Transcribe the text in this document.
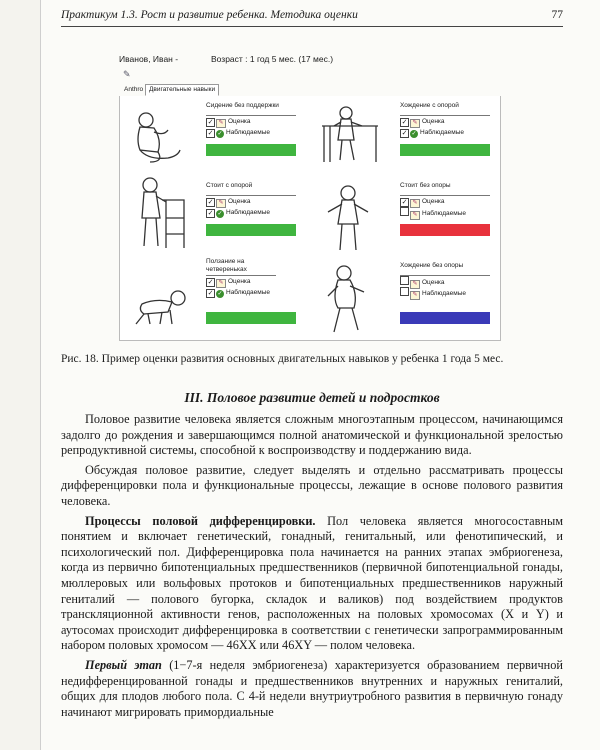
Практикум 1.3. Рост и развитие ребенка. Методика оценки	77
Иванов, Иван -	Возраст : 1 год 5 мес. (17 мес.)
✎
Anthro Двигательные навыки
Сидение без поддержки
✓ ✎ Оценка
✓ ✓ Наблюдаемые
Хождение с опорой
✓ ✎ Оценка
✓ ✓ Наблюдаемые
Стоит с опорой
✓ ✎ Оценка
✓ ✓ Наблюдаемые
Стоит без опоры
✓ ✎ Оценка
✎ Наблюдаемые
Ползание на четвереньках
✓ ✎ Оценка
✓ ✓ Наблюдаемые
Хождение без опоры
✎ Оценка
✎ Наблюдаемые
Рис. 18. Пример оценки развития основных двигательных навыков у ребенка 1 года 5 мес.
III. Половое развитие детей и подростков

Половое развитие человека является сложным многоэтапным процессом, начинающимся задолго до рождения и завершающимся полной анатомической и функциональной зрелостью репродуктивной системы, способной к воспроизводству и поддержанию вида.

Обсуждая половое развитие, следует выделять и отдельно рассматривать процессы дифференцировки пола и функциональные процессы, лежащие в основе полового развития человека.

Процессы половой дифференцировки. Пол человека является многосоставным понятием и включает генетический, гонадный, генитальный, или фенотипический, и психологический пол. Дифференцировка пола начинается на ранних этапах эмбриогенеза, когда из первично бипотенциальных предшественников (первичной бипотенциальной гонады, мюллеровых или вольфовых протоков и бипотенциальных предшественников наружный гениталий — полового бугорка, складок и валиков) под воздействием продуктов транскляционной активности генов, расположенных на половых хромосомах (X и Y) и аутосомах происходит дифференцировка в соответствии с генетически запрограммированным набором половых хромосом — 46XX или 46XY — полом человека.

Первый этап (1−7-я неделя эмбриогенеза) характеризуется образованием первичной недифференцированной гонады и предшественников внутренних и наружных гениталий, общих для плодов любого пола. С 4-й недели внутриутробного развития в первичную гонаду начинают мигрировать примордиальные
